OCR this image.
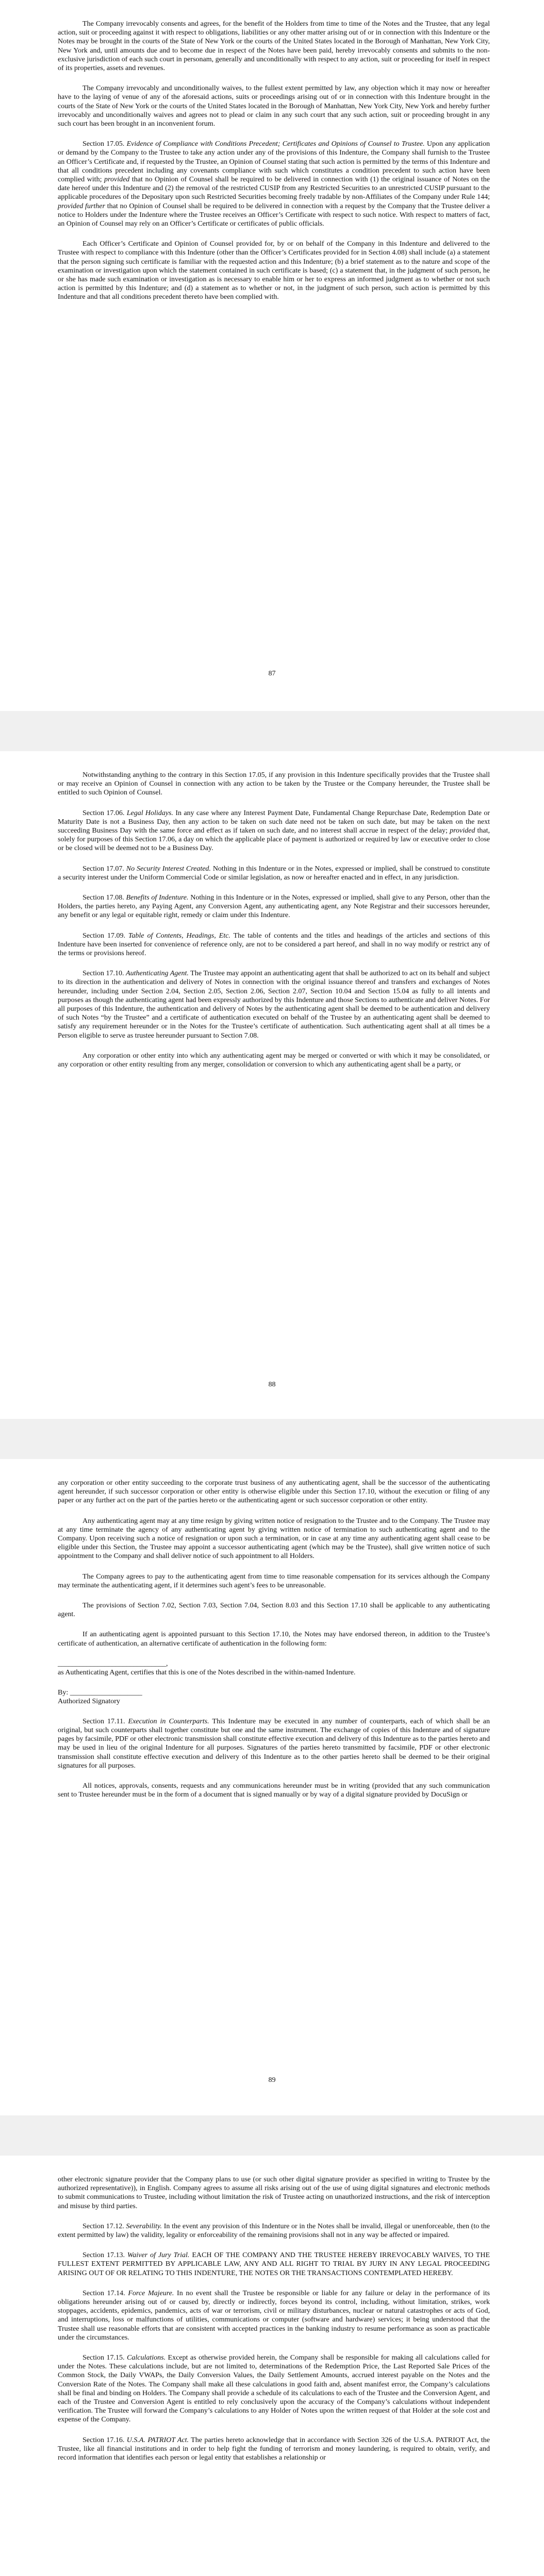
The Company irrevocably consents and agrees, for the benefit of the Holders from time to time of the Notes and the Trustee, that any legal action, suit or proceeding against it with respect to obligations, liabilities or any other matter arising out of or in connection with this Indenture or the Notes may be brought in the courts of the State of New York or the courts of the United States located in the Borough of Manhattan, New York City, New York and, until amounts due and to become due in respect of the Notes have been paid, hereby irrevocably consents and submits to the non-exclusive jurisdiction of each such court in personam, generally and unconditionally with respect to any action, suit or proceeding for itself in respect of its properties, assets and revenues.

The Company irrevocably and unconditionally waives, to the fullest extent permitted by law, any objection which it may now or hereafter have to the laying of venue of any of the aforesaid actions, suits or proceedings arising out of or in connection with this Indenture brought in the courts of the State of New York or the courts of the United States located in the Borough of Manhattan, New York City, New York and hereby further irrevocably and unconditionally waives and agrees not to plead or claim in any such court that any such action, suit or proceeding brought in any such court has been brought in an inconvenient forum.

Section 17.05. Evidence of Compliance with Conditions Precedent; Certificates and Opinions of Counsel to Trustee. Upon any application or demand by the Company to the Trustee to take any action under any of the provisions of this Indenture, the Company shall furnish to the Trustee an Officer’s Certificate and, if requested by the Trustee, an Opinion of Counsel stating that such action is permitted by the terms of this Indenture and that all conditions precedent including any covenants compliance with such which constitutes a condition precedent to such action have been complied with; provided that no Opinion of Counsel shall be required to be delivered in connection with (1) the original issuance of Notes on the date hereof under this Indenture and (2) the removal of the restricted CUSIP from any Restricted Securities to an unrestricted CUSIP pursuant to the applicable procedures of the Depositary upon such Restricted Securities becoming freely tradable by non-Affiliates of the Company under Rule 144; provided further that no Opinion of Counsel shall be required to be delivered in connection with a request by the Company that the Trustee deliver a notice to Holders under the Indenture where the Trustee receives an Officer’s Certificate with respect to such notice. With respect to matters of fact, an Opinion of Counsel may rely on an Officer’s Certificate or certificates of public officials.

Each Officer’s Certificate and Opinion of Counsel provided for, by or on behalf of the Company in this Indenture and delivered to the Trustee with respect to compliance with this Indenture (other than the Officer’s Certificates provided for in Section 4.08) shall include (a) a statement that the person signing such certificate is familiar with the requested action and this Indenture; (b) a brief statement as to the nature and scope of the examination or investigation upon which the statement contained in such certificate is based; (c) a statement that, in the judgment of such person, he or she has made such examination or investigation as is necessary to enable him or her to express an informed judgment as to whether or not such action is permitted by this Indenture; and (d) a statement as to whether or not, in the judgment of such person, such action is permitted by this Indenture and that all conditions precedent thereto have been complied with.

87

Notwithstanding anything to the contrary in this Section 17.05, if any provision in this Indenture specifically provides that the Trustee shall or may receive an Opinion of Counsel in connection with any action to be taken by the Trustee or the Company hereunder, the Trustee shall be entitled to such Opinion of Counsel.

Section 17.06. Legal Holidays. In any case where any Interest Payment Date, Fundamental Change Repurchase Date, Redemption Date or Maturity Date is not a Business Day, then any action to be taken on such date need not be taken on such date, but may be taken on the next succeeding Business Day with the same force and effect as if taken on such date, and no interest shall accrue in respect of the delay; provided that, solely for purposes of this Section 17.06, a day on which the applicable place of payment is authorized or required by law or executive order to close or be closed will be deemed not to be a Business Day.

Section 17.07. No Security Interest Created. Nothing in this Indenture or in the Notes, expressed or implied, shall be construed to constitute a security interest under the Uniform Commercial Code or similar legislation, as now or hereafter enacted and in effect, in any jurisdiction.

Section 17.08. Benefits of Indenture. Nothing in this Indenture or in the Notes, expressed or implied, shall give to any Person, other than the Holders, the parties hereto, any Paying Agent, any Conversion Agent, any authenticating agent, any Note Registrar and their successors hereunder, any benefit or any legal or equitable right, remedy or claim under this Indenture.

Section 17.09. Table of Contents, Headings, Etc. The table of contents and the titles and headings of the articles and sections of this Indenture have been inserted for convenience of reference only, are not to be considered a part hereof, and shall in no way modify or restrict any of the terms or provisions hereof.

Section 17.10. Authenticating Agent. The Trustee may appoint an authenticating agent that shall be authorized to act on its behalf and subject to its direction in the authentication and delivery of Notes in connection with the original issuance thereof and transfers and exchanges of Notes hereunder, including under Section 2.04, Section 2.05, Section 2.06, Section 2.07, Section 10.04 and Section 15.04 as fully to all intents and purposes as though the authenticating agent had been expressly authorized by this Indenture and those Sections to authenticate and deliver Notes. For all purposes of this Indenture, the authentication and delivery of Notes by the authenticating agent shall be deemed to be authentication and delivery of such Notes “by the Trustee” and a certificate of authentication executed on behalf of the Trustee by an authenticating agent shall be deemed to satisfy any requirement hereunder or in the Notes for the Trustee’s certificate of authentication. Such authenticating agent shall at all times be a Person eligible to serve as trustee hereunder pursuant to Section 7.08.

Any corporation or other entity into which any authenticating agent may be merged or converted or with which it may be consolidated, or any corporation or other entity resulting from any merger, consolidation or conversion to which any authenticating agent shall be a party, or

88

any corporation or other entity succeeding to the corporate trust business of any authenticating agent, shall be the successor of the authenticating agent hereunder, if such successor corporation or other entity is otherwise eligible under this Section 17.10, without the execution or filing of any paper or any further act on the part of the parties hereto or the authenticating agent or such successor corporation or other entity.

Any authenticating agent may at any time resign by giving written notice of resignation to the Trustee and to the Company. The Trustee may at any time terminate the agency of any authenticating agent by giving written notice of termination to such authenticating agent and to the Company. Upon receiving such a notice of resignation or upon such a termination, or in case at any time any authenticating agent shall cease to be eligible under this Section, the Trustee may appoint a successor authenticating agent (which may be the Trustee), shall give written notice of such appointment to the Company and shall deliver notice of such appointment to all Holders.

The Company agrees to pay to the authenticating agent from time to time reasonable compensation for its services although the Company may terminate the authenticating agent, if it determines such agent’s fees to be unreasonable.

The provisions of Section 7.02, Section 7.03, Section 7.04, Section 8.03 and this Section 17.10 shall be applicable to any authenticating agent.

If an authenticating agent is appointed pursuant to this Section 17.10, the Notes may have endorsed thereon, in addition to the Trustee’s certificate of authentication, an alternative certificate of authentication in the following form:

______________________________,
as Authenticating Agent, certifies that this is one of the Notes described in the within-named Indenture.
By: ____________________
Authorized Signatory

Section 17.11. Execution in Counterparts. This Indenture may be executed in any number of counterparts, each of which shall be an original, but such counterparts shall together constitute but one and the same instrument. The exchange of copies of this Indenture and of signature pages by facsimile, PDF or other electronic transmission shall constitute effective execution and delivery of this Indenture as to the parties hereto and may be used in lieu of the original Indenture for all purposes. Signatures of the parties hereto transmitted by facsimile, PDF or other electronic transmission shall constitute effective execution and delivery of this Indenture as to the other parties hereto shall be deemed to be their original signatures for all purposes.

All notices, approvals, consents, requests and any communications hereunder must be in writing (provided that any such communication sent to Trustee hereunder must be in the form of a document that is signed manually or by way of a digital signature provided by DocuSign or

89

other electronic signature provider that the Company plans to use (or such other digital signature provider as specified in writing to Trustee by the authorized representative)), in English. Company agrees to assume all risks arising out of the use of using digital signatures and electronic methods to submit communications to Trustee, including without limitation the risk of Trustee acting on unauthorized instructions, and the risk of interception and misuse by third parties.

Section 17.12. Severability. In the event any provision of this Indenture or in the Notes shall be invalid, illegal or unenforceable, then (to the extent permitted by law) the validity, legality or enforceability of the remaining provisions shall not in any way be affected or impaired.

Section 17.13. Waiver of Jury Trial. EACH OF THE COMPANY AND THE TRUSTEE HEREBY IRREVOCABLY WAIVES, TO THE FULLEST EXTENT PERMITTED BY APPLICABLE LAW, ANY AND ALL RIGHT TO TRIAL BY JURY IN ANY LEGAL PROCEEDING ARISING OUT OF OR RELATING TO THIS INDENTURE, THE NOTES OR THE TRANSACTIONS CONTEMPLATED HEREBY.

Section 17.14. Force Majeure. In no event shall the Trustee be responsible or liable for any failure or delay in the performance of its obligations hereunder arising out of or caused by, directly or indirectly, forces beyond its control, including, without limitation, strikes, work stoppages, accidents, epidemics, pandemics, acts of war or terrorism, civil or military disturbances, nuclear or natural catastrophes or acts of God, and interruptions, loss or malfunctions of utilities, communications or computer (software and hardware) services; it being understood that the Trustee shall use reasonable efforts that are consistent with accepted practices in the banking industry to resume performance as soon as practicable under the circumstances.

Section 17.15. Calculations. Except as otherwise provided herein, the Company shall be responsible for making all calculations called for under the Notes. These calculations include, but are not limited to, determinations of the Redemption Price, the Last Reported Sale Prices of the Common Stock, the Daily VWAPs, the Daily Conversion Values, the Daily Settlement Amounts, accrued interest payable on the Notes and the Conversion Rate of the Notes. The Company shall make all these calculations in good faith and, absent manifest error, the Company’s calculations shall be final and binding on Holders. The Company shall provide a schedule of its calculations to each of the Trustee and the Conversion Agent, and each of the Trustee and Conversion Agent is entitled to rely conclusively upon the accuracy of the Company’s calculations without independent verification. The Trustee will forward the Company’s calculations to any Holder of Notes upon the written request of that Holder at the sole cost and expense of the Company.

Section 17.16. U.S.A. PATRIOT Act. The parties hereto acknowledge that in accordance with Section 326 of the U.S.A. PATRIOT Act, the Trustee, like all financial institutions and in order to help fight the funding of terrorism and money laundering, is required to obtain, verify, and record information that identifies each person or legal entity that establishes a relationship or
